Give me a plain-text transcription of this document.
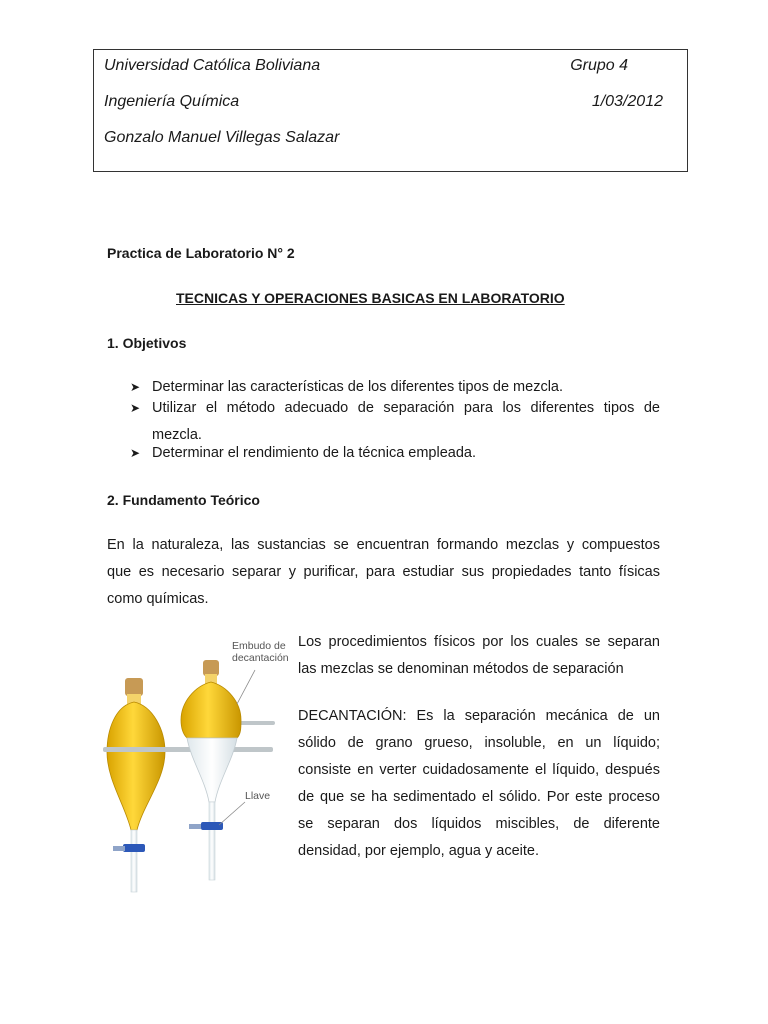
Universidad Católica Boliviana	Grupo 4
Ingeniería Química	1/03/2012
Gonzalo Manuel Villegas Salazar
Practica de Laboratorio N° 2
TECNICAS Y OPERACIONES BASICAS EN LABORATORIO
1. Objetivos
➤ Determinar las características de los diferentes tipos de mezcla.
➤ Utilizar el método adecuado de separación para los diferentes tipos de
mezcla.
➤ Determinar el rendimiento de la técnica empleada.
2. Fundamento Teórico
En la naturaleza, las sustancias se encuentran formando mezclas y compuestos
que es necesario separar y purificar, para estudiar sus propiedades tanto físicas
como químicas.
Los procedimientos físicos por los cuales se separan
las mezclas se denominan métodos de separación
DECANTACIÓN: Es la separación mecánica de un
sólido de grano grueso, insoluble, en un líquido;
consiste en verter cuidadosamente el líquido, después
de que se ha sedimentado el sólido. Por este proceso
se separan dos líquidos miscibles, de diferente
densidad, por ejemplo, agua y aceite.
Embudo de
decantación
Llave
